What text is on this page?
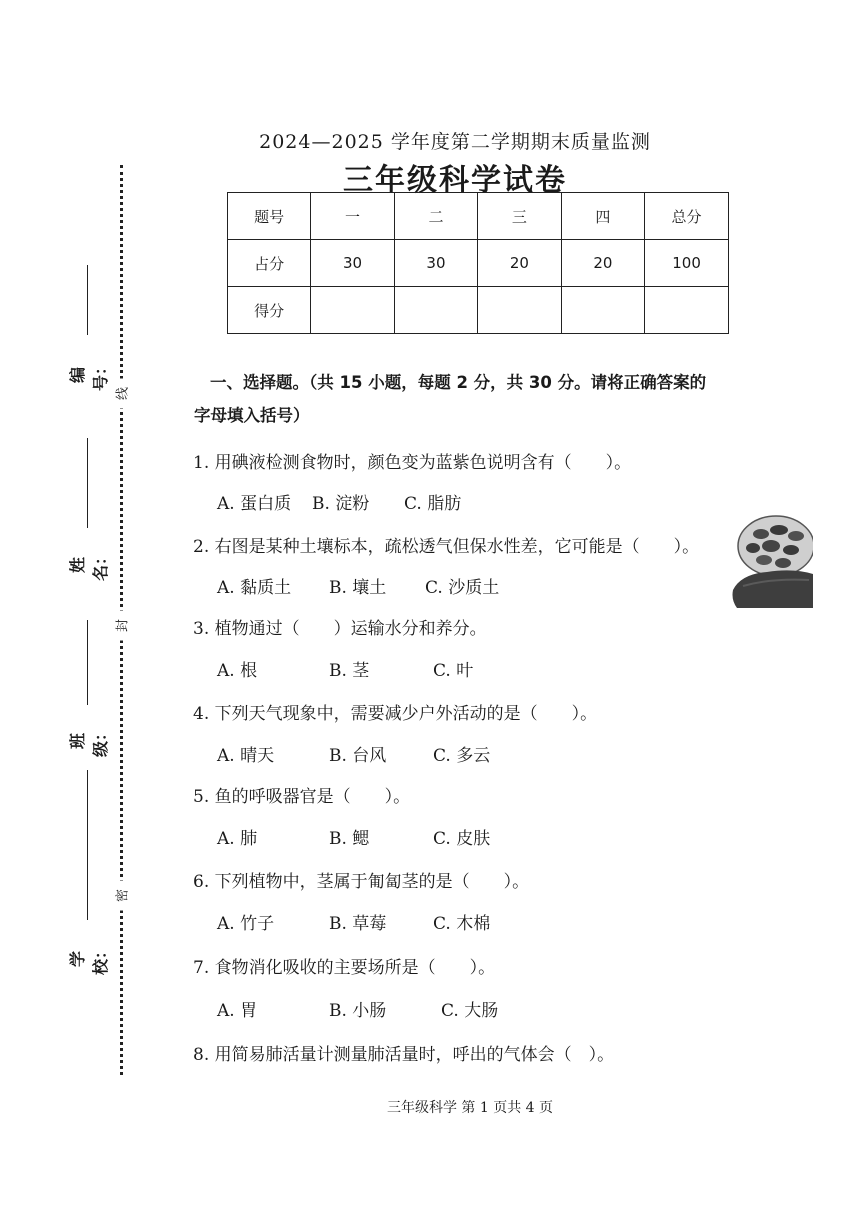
线
封
密
编号：
姓名：
班级：
学校：
2024—2025 学年度第二学期期末质量监测
三年级科学试卷
题号	一	二	三	四	总分
占分	30	30	20	20	100
得分					
一、选择题。（共 15 小题，每题 2 分，共 30 分。请将正确答案的
字母填入括号）
1. 用碘液检测食物时，颜色变为蓝紫色说明含有（　　）。
A. 蛋白质 B. 淀粉 C. 脂肪
2. 右图是某种土壤标本，疏松透气但保水性差，它可能是（　　）。
A. 黏质土 B. 壤土 C. 沙质土
3. 植物通过（　　）运输水分和养分。
A. 根	B. 茎	C. 叶
4. 下列天气现象中，需要减少户外活动的是（　　）。
A. 晴天	B. 台风	C. 多云
5. 鱼的呼吸器官是（　　）。
A. 肺	B. 鳃	C. 皮肤
6. 下列植物中，茎属于匍匐茎的是（　　）。
A. 竹子	B. 草莓	C. 木棉
7. 食物消化吸收的主要场所是（　　）。
A. 胃	B. 小肠	C. 大肠
8. 用简易肺活量计测量肺活量时，呼出的气体会（　）。
三年级科学 第 1 页共 4 页
